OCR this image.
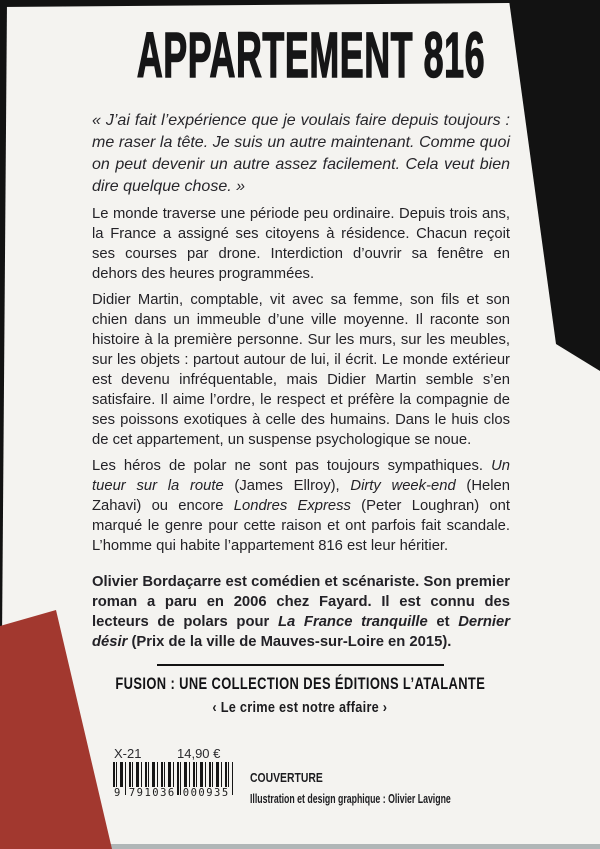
APPARTEMENT 816

« J’ai fait l’expérience que je voulais faire depuis toujours : me raser la tête. Je suis un autre maintenant. Comme quoi on peut devenir un autre assez facilement. Cela veut bien dire quelque chose. »

Le monde traverse une période peu ordinaire. Depuis trois ans, la France a assigné ses citoyens à résidence. Chacun reçoit ses courses par drone. Interdiction d’ouvrir sa fenêtre en dehors des heures programmées.

Didier Martin, comptable, vit avec sa femme, son fils et son chien dans un immeuble d’une ville moyenne. Il raconte son histoire à la première personne. Sur les murs, sur les meubles, sur les objets : partout autour de lui, il écrit. Le monde extérieur est devenu infréquentable, mais Didier Martin semble s’en satisfaire. Il aime l’ordre, le respect et préfère la compagnie de ses poissons exotiques à celle des humains. Dans le huis clos de cet appartement, un suspense psychologique se noue.

Les héros de polar ne sont pas toujours sympathiques. Un tueur sur la route (James Ellroy), Dirty week-end (Helen Zahavi) ou encore Londres Express (Peter Loughran) ont marqué le genre pour cette raison et ont parfois fait scandale. L’homme qui habite l’appartement 816 est leur héritier.

Olivier Bordaçarre est comédien et scénariste. Son premier roman a paru en 2006 chez Fayard. Il est connu des lecteurs de polars pour La France tranquille et Dernier désir (Prix de la ville de Mauves-sur-Loire en 2015).

FUSION : UNE COLLECTION DES ÉDITIONS L’ATALANTE
‹ Le crime est notre affaire ›
X-21	14,90 €
9 791036 000935
COUVERTURE
Illustration et design graphique : Olivier Lavigne
